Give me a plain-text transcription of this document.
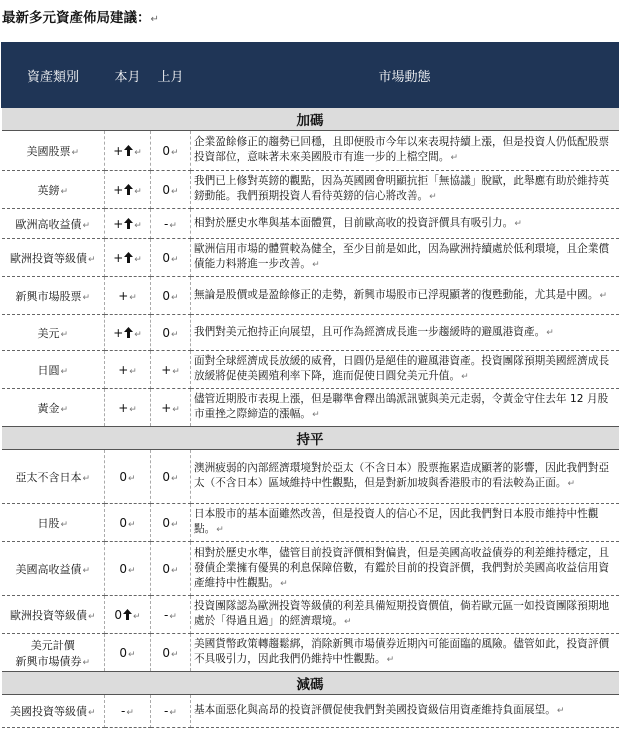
最新多元資產佈局建議：↵
資產類別	本月	上月	市場動態
加碼			
美國股票↵	+ ↵	0↵	企業盈餘修正的趨勢已回穩，且即便股市今年以來表現持續上漲，但是投資人仍低配股票投資部位，意味著未來美國股市有進一步的上檔空間。↵
英鎊↵	+ ↵	0↵	我們已上修對英鎊的觀點，因為英國國會明顯抗拒「無協議」脫歐，此舉應有助於維持英鎊動能。我們預期投資人看待英鎊的信心將改善。↵
歐洲高收益債↵	+ ↵	-↵	相對於歷史水準與基本面體質，目前歐高收的投資評價具有吸引力。↵
歐洲投資等級債↵	+ ↵	0↵	歐洲信用市場的體質較為健全，至少目前是如此，因為歐洲持續處於低利環境，且企業償債能力料將進一步改善。↵
新興市場股票↵	+↵	0↵	無論是股價或是盈餘修正的走勢，新興市場股市已浮現顯著的復甦動能，尤其是中國。↵
美元↵	+ ↵	0↵	我們對美元抱持正向展望，且可作為經濟成長進一步趨緩時的避風港資產。↵
日圓↵	+↵	+↵	面對全球經濟成長放緩的威脅，日圓仍是絕佳的避風港資產。投資團隊預期美國經濟成長放緩將促使美國殖利率下降，進而促使日圓兌美元升值。↵
黃金↵	+↵	+↵	儘管近期股市表現上漲，但是聯準會釋出鴿派訊號與美元走弱，令黃金守住去年 12 月股市重挫之際締造的漲幅。↵
持平			
亞太不含日本↵	0↵	0↵	澳洲疲弱的內部經濟環境對於亞太（不含日本）股票拖累造成顯著的影響，因此我們對亞太（不含日本）區域維持中性觀點，但是對新加坡與香港股市的看法較為正面。↵
日股↵	0↵	0↵	日本股市的基本面雖然改善，但是投資人的信心不足，因此我們對日本股市維持中性觀點。↵
美國高收益債↵	0↵	0↵	相對於歷史水準，儘管目前投資評價相對偏貴，但是美國高收益債券的利差維持穩定，且發債企業擁有優異的利息保障倍數，有鑑於目前的投資評價，我們對於美國高收益信用資產維持中性觀點。↵
歐洲投資等級債↵	0 ↵	-↵	投資團隊認為歐洲投資等級債的利差具備短期投資價值，倘若歐元區一如投資團隊預期地處於「得過且過」的經濟環境。↵
美元計價
新興市場債券↵	0↵	0↵	美國貨幣政策轉趨鬆綁，消除新興市場債券近期內可能面臨的風險。儘管如此，投資評價不具吸引力，因此我們仍維持中性觀點。↵
減碼			
美國投資等級債↵	-↵	-↵	基本面惡化與高昂的投資評價促使我們對美國投資級信用資產維持負面展望。↵
